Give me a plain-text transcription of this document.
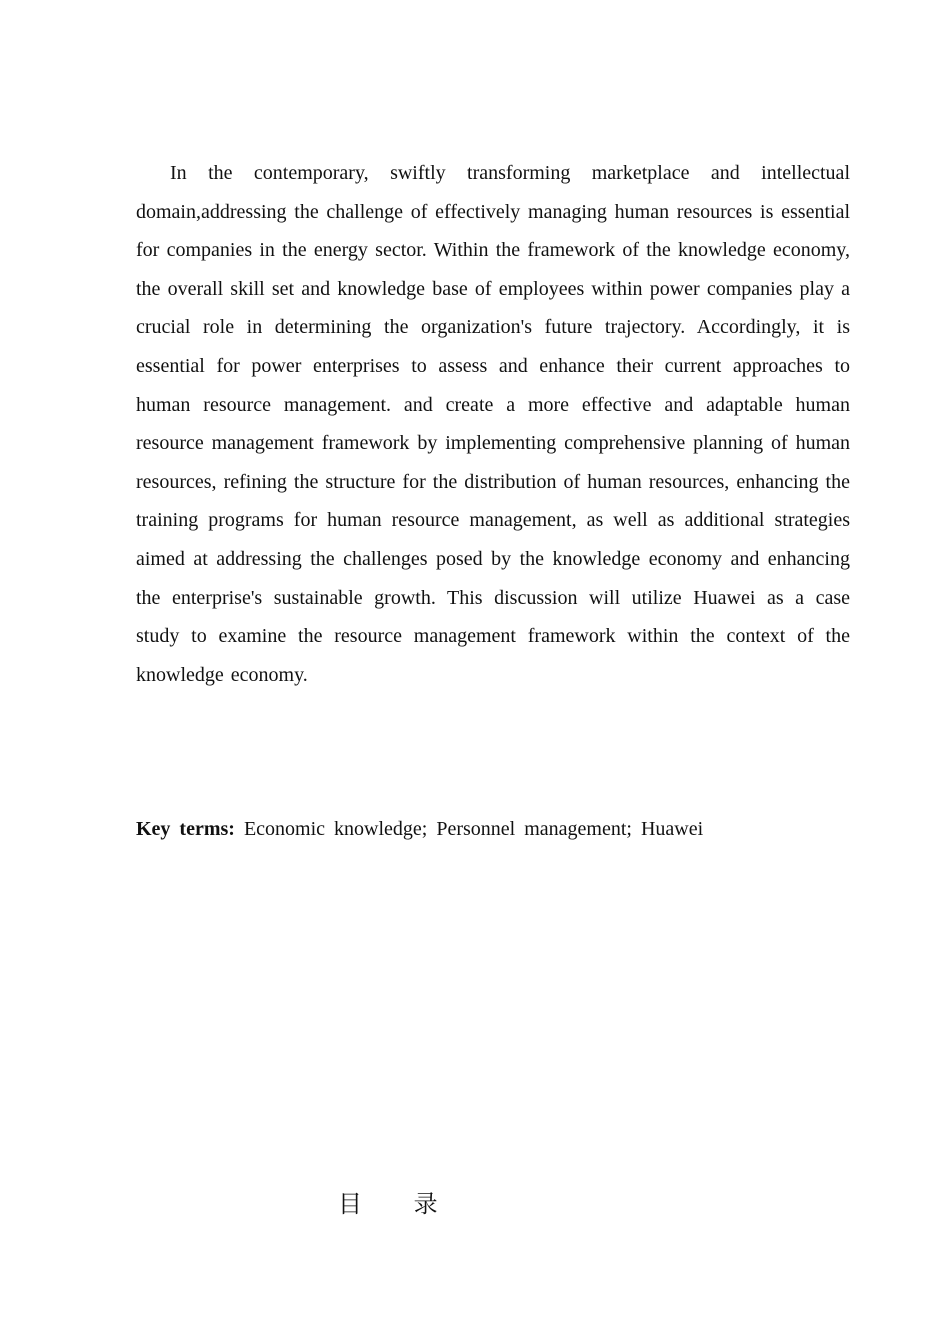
In the contemporary, swiftly transforming marketplace and intellectual domain,addressing the challenge of effectively managing human resources is essential for companies in the energy sector. Within the framework of the knowledge economy, the overall skill set and knowledge base of employees within power companies play a crucial role in determining the organization's future trajectory. Accordingly, it is essential for power enterprises to assess and enhance their current approaches to human resource management. and create a more effective and adaptable human resource management framework by implementing comprehensive planning of human resources, refining the structure for the distribution of human resources, enhancing the training programs for human resource management, as well as additional strategies aimed at addressing the challenges posed by the knowledge economy and enhancing the enterprise's sustainable growth. This discussion will utilize Huawei as a case study to examine the resource management framework within the context of the knowledge economy.

Key terms: Economic knowledge; Personnel management; Huawei

目 录
